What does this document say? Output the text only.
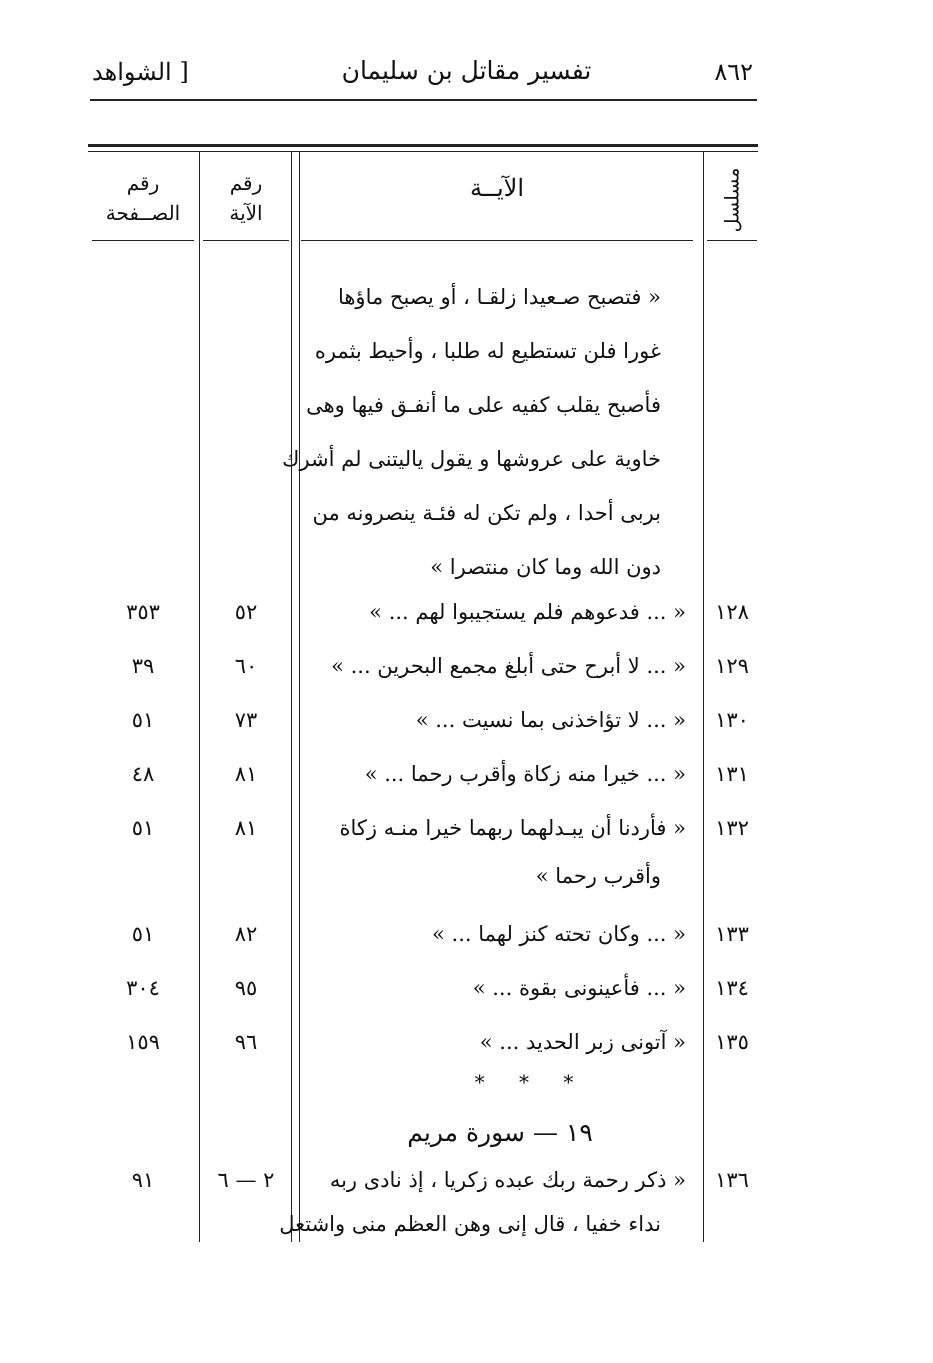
٨٦٢
تفسير مقاتل بن سليمان
[ الشواهد
مسلسل
الآيــة
رقم
الآية
رقم
الصــفحة
« فتصبح صـعيدا زلقـا ، أو يصبح ماؤها
غورا فلن تستطيع له طلبا ، وأحيط بثمره
فأصبح يقلب كفيه على ما أنفـق فيها وهى
خاوية على عروشها و يقول ياليتنى لم أشرك
بربى أحدا ، ولم تكن له فئـة ينصرونه من
دون الله وما كان منتصرا »
١٢٨
« ... فدعوهم فلم يستجيبوا لهم ... »
٥٢
٣٥٣
١٢٩
« ... لا أبرح حتى أبلغ مجمع البحرين ... »
٦٠
٣٩
١٣٠
« ... لا تؤاخذنى بما نسيت ... »
٧٣
٥١
١٣١
« ... خيرا منه زكاة وأقرب رحما ... »
٨١
٤٨
١٣٢
« فأردنا أن يبـدلهما ربهما خيرا منـه زكاة
وأقرب رحما »
٨١
٥١
١٣٣
« ... وكان تحته كنز لهما ... »
٨٢
٥١
١٣٤
« ... فأعينونى بقوة ... »
٩٥
٣٠٤
١٣٥
« آتونى زبر الحديد ... »
٩٦
١٥٩
* * *
١٩ — سورة مريم
١٣٦
« ذكر رحمة ربك عبده زكريا ، إذ نادى ربه
نداء خفيا ، قال إنى وهن العظم منى واشتعل
٢ — ٦
٩١
